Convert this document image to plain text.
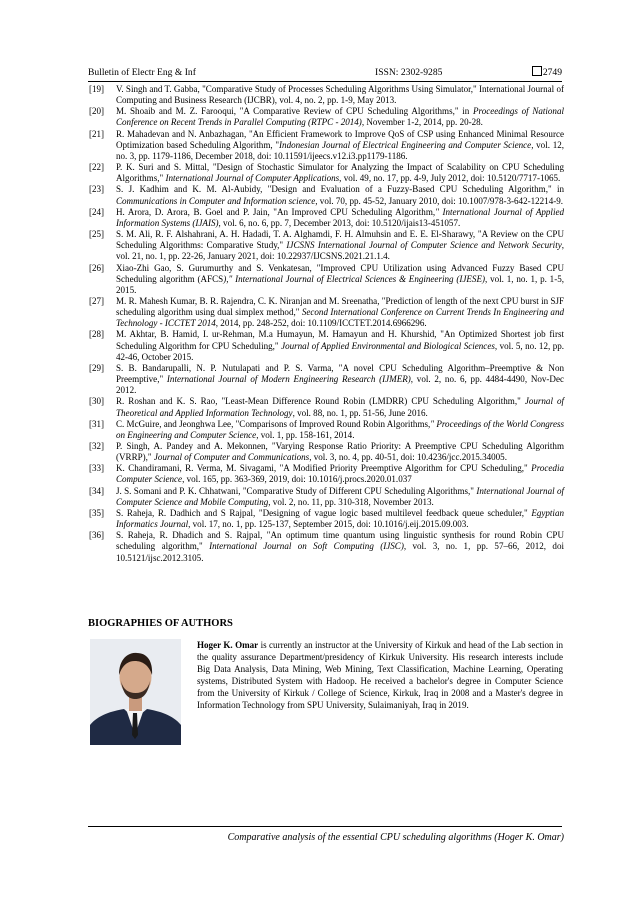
Bulletin of Electr Eng & Inf	ISSN: 2302-9285	2749
[19] V. Singh and T. Gabba, "Comparative Study of Processes Scheduling Algorithms Using Simulator," International Journal of Computing and Business Research (IJCBR), vol. 4, no. 2, pp. 1-9, May 2013.
[20] M. Shoaib and M. Z. Farooqui, "A Comparative Review of CPU Scheduling Algorithms," in Proceedings of National Conference on Recent Trends in Parallel Computing (RTPC - 2014), November 1-2, 2014, pp. 20-28.
[21] R. Mahadevan and N. Anbazhagan, "An Efficient Framework to Improve QoS of CSP using Enhanced Minimal Resource Optimization based Scheduling Algorithm, "Indonesian Journal of Electrical Engineering and Computer Science, vol. 12, no. 3, pp. 1179-1186, December 2018, doi: 10.11591/ijeecs.v12.i3.pp1179-1186.
[22] P. K. Suri and S. Mittal, "Design of Stochastic Simulator for Analyzing the Impact of Scalability on CPU Scheduling Algorithms," International Journal of Computer Applications, vol. 49, no. 17, pp. 4-9, July 2012, doi: 10.5120/7717-1065.
[23] S. J. Kadhim and K. M. Al-Aubidy, "Design and Evaluation of a Fuzzy-Based CPU Scheduling Algorithm," in Communications in Computer and Information science, vol. 70, pp. 45-52, January 2010, doi: 10.1007/978-3-642-12214-9.
[24] H. Arora, D. Arora, B. Goel and P. Jain, "An Improved CPU Scheduling Algorithm," International Journal of Applied Information Systems (IJAIS), vol. 6, no. 6, pp. 7, December 2013, doi: 10.5120/ijais13-451057.
[25] S. M. Ali, R. F. Alshahrani, A. H. Hadadi, T. A. Alghamdi, F. H. Almuhsin and E. E. El-Sharawy, "A Review on the CPU Scheduling Algorithms: Comparative Study," IJCSNS International Journal of Computer Science and Network Security, vol. 21, no. 1, pp. 22-26, January 2021, doi: 10.22937/IJCSNS.2021.21.1.4.
[26] Xiao-Zhi Gao, S. Gurumurthy and S. Venkatesan, "Improved CPU Utilization using Advanced Fuzzy Based CPU Scheduling algorithm (AFCS)," International Journal of Electrical Sciences & Engineering (IJESE), vol. 1, no. 1, p. 1-5, 2015.
[27] M. R. Mahesh Kumar, B. R. Rajendra, C. K. Niranjan and M. Sreenatha, "Prediction of length of the next CPU burst in SJF scheduling algorithm using dual simplex method," Second International Conference on Current Trends In Engineering and Technology - ICCTET 2014, 2014, pp. 248-252, doi: 10.1109/ICCTET.2014.6966296.
[28] M. Akhtar, B. Hamid, I. ur-Rehman, M.a Humayun, M. Hamayun and H. Khurshid, "An Optimized Shortest job first Scheduling Algorithm for CPU Scheduling," Journal of Applied Environmental and Biological Sciences, vol. 5, no. 12, pp. 42-46, October 2015.
[29] S. B. Bandarupalli, N. P. Nutulapati and P. S. Varma, "A novel CPU Scheduling Algorithm–Preemptive & Non Preemptive," International Journal of Modern Engineering Research (IJMER), vol. 2, no. 6, pp. 4484-4490, Nov-Dec 2012.
[30] R. Roshan and K. S. Rao, "Least-Mean Difference Round Robin (LMDRR) CPU Scheduling Algorithm," Journal of Theoretical and Applied Information Technology, vol. 88, no. 1, pp. 51-56, June 2016.
[31] C. McGuire, and Jeonghwa Lee, "Comparisons of Improved Round Robin Algorithms," Proceedings of the World Congress on Engineering and Computer Science, vol. 1, pp. 158-161, 2014.
[32] P. Singh, A. Pandey and A. Mekonnen, "Varying Response Ratio Priority: A Preemptive CPU Scheduling Algorithm (VRRP)," Journal of Computer and Communications, vol. 3, no. 4, pp. 40-51, doi: 10.4236/jcc.2015.34005.
[33] K. Chandiramani, R. Verma, M. Sivagami, "A Modified Priority Preemptive Algorithm for CPU Scheduling," Procedia Computer Science, vol. 165, pp. 363-369, 2019, doi: 10.1016/j.procs.2020.01.037
[34] J. S. Somani and P. K. Chhatwani, "Comparative Study of Different CPU Scheduling Algorithms," International Journal of Computer Science and Mobile Computing, vol. 2, no. 11, pp. 310-318, November 2013.
[35] S. Raheja, R. Dadhich and S Rajpal, "Designing of vague logic based multilevel feedback queue scheduler," Egyptian Informatics Journal, vol. 17, no. 1, pp. 125-137, September 2015, doi: 10.1016/j.eij.2015.09.003.
[36] S. Raheja, R. Dhadich and S. Rajpal, "An optimum time quantum using linguistic synthesis for round Robin CPU scheduling algorithm," International Journal on Soft Computing (IJSC), vol. 3, no. 1, pp. 57–66, 2012, doi 10.5121/ijsc.2012.3105.
BIOGRAPHIES OF AUTHORS
Hoger K. Omar is currently an instructor at the University of Kirkuk and head of the Lab section in the quality assurance Department/presidency of Kirkuk University. His research interests include Big Data Analysis, Data Mining, Web Mining, Text Classification, Machine Learning, Operating systems, Distributed System with Hadoop. He received a bachelor's degree in Computer Science from the University of Kirkuk / College of Science, Kirkuk, Iraq in 2008 and a Master's degree in Information Technology from SPU University, Sulaimaniyah, Iraq in 2019.
Comparative analysis of the essential CPU scheduling algorithms (Hoger K. Omar)
